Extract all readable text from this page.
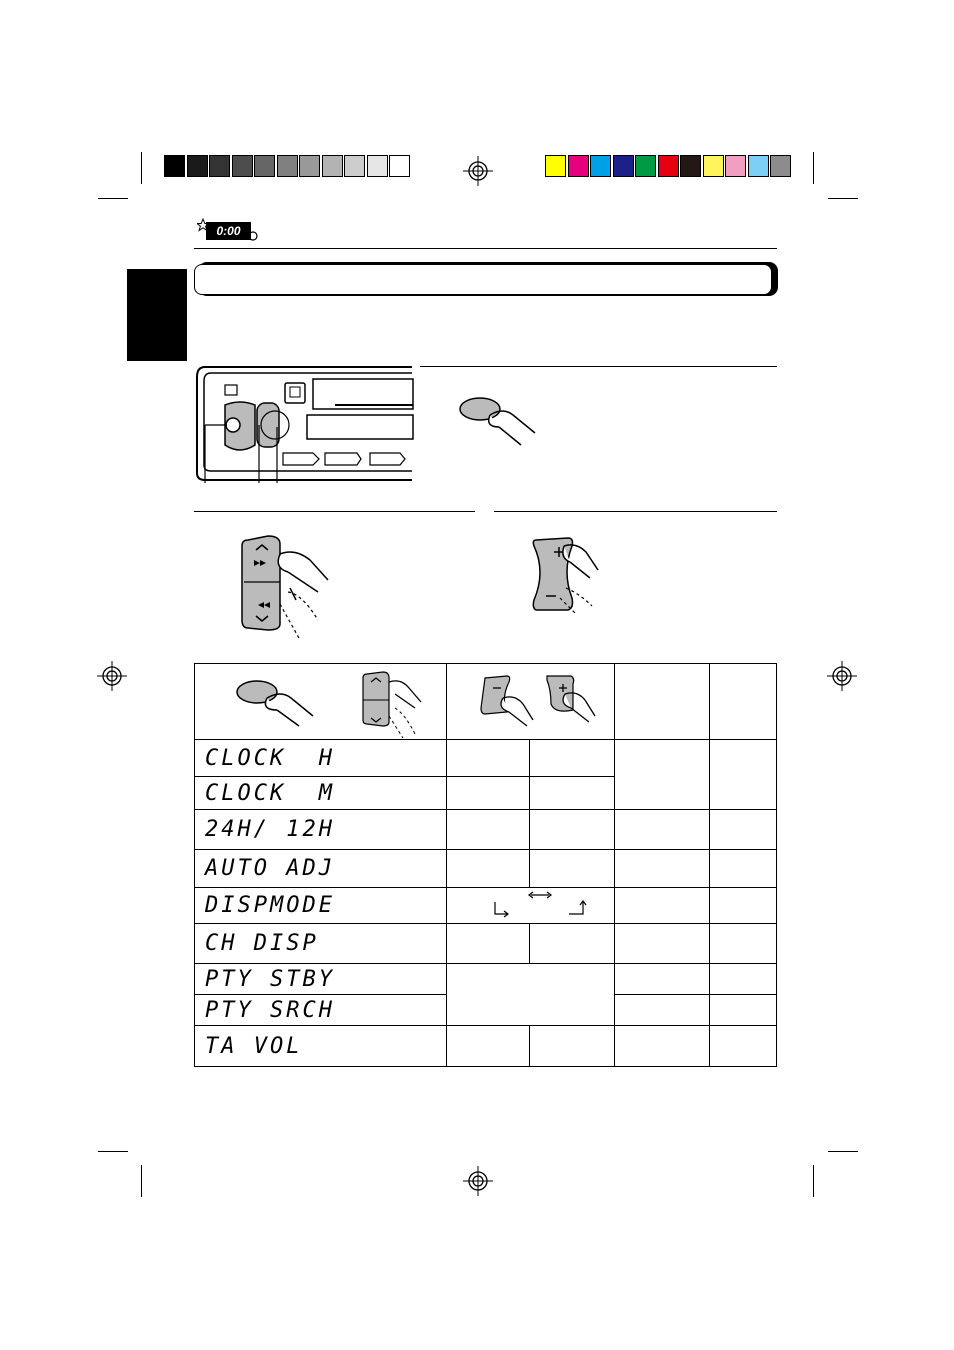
0:00

CLOCK  H				
CLOCK  M				
24H/ 12H				
AUTO ADJ				
DISPMODE	

CH DISP				
PTY STBY				
PTY SRCH				
TA VOL				
